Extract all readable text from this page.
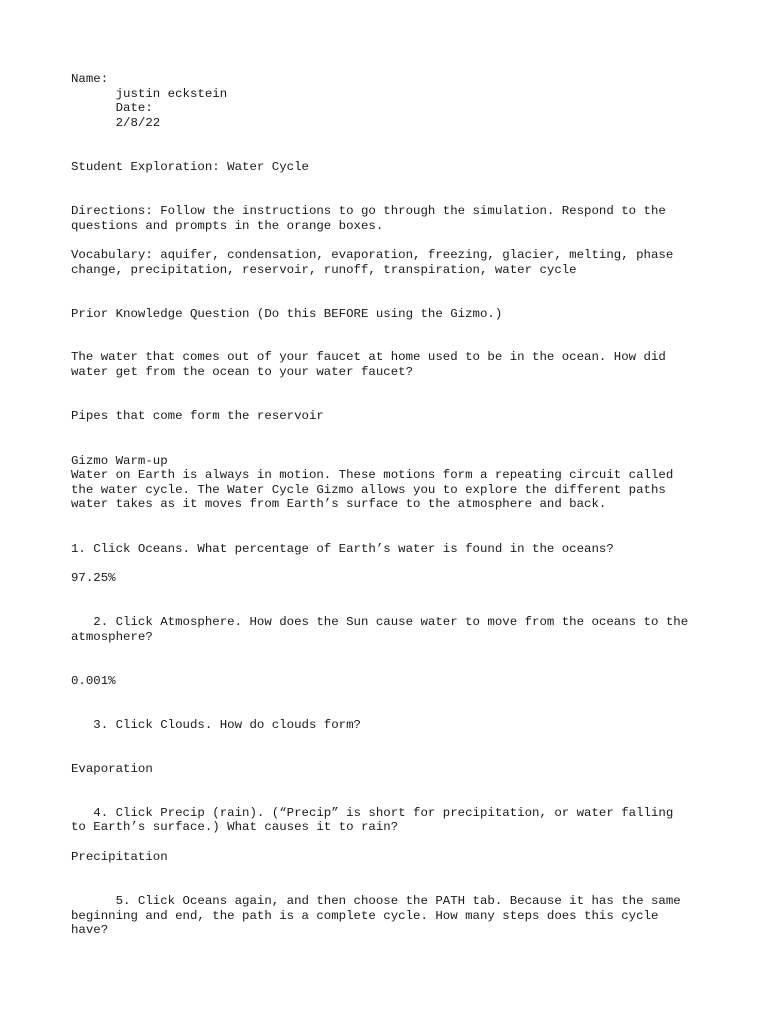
Name:

justin eckstein

Date:

2/8/22

Student Exploration: Water Cycle

Directions: Follow the instructions to go through the simulation. Respond to the

questions and prompts in the orange boxes.

Vocabulary: aquifer, condensation, evaporation, freezing, glacier, melting, phase

change, precipitation, reservoir, runoff, transpiration, water cycle

Prior Knowledge Question (Do this BEFORE using the Gizmo.)

The water that comes out of your faucet at home used to be in the ocean. How did

water get from the ocean to your water faucet?

Pipes that come form the reservoir

Gizmo Warm-up

Water on Earth is always in motion. These motions form a repeating circuit called

the water cycle. The Water Cycle Gizmo allows you to explore the different paths

water takes as it moves from Earth’s surface to the atmosphere and back.

1. Click Oceans. What percentage of Earth’s water is found in the oceans?

97.25%

2. Click Atmosphere. How does the Sun cause water to move from the oceans to the

atmosphere?

0.001%

3. Click Clouds. How do clouds form?

Evaporation

4. Click Precip (rain). (“Precip” is short for precipitation, or water falling

to Earth’s surface.) What causes it to rain?

Precipitation

5. Click Oceans again, and then choose the PATH tab. Because it has the same

beginning and end, the path is a complete cycle. How many steps does this cycle

have?
